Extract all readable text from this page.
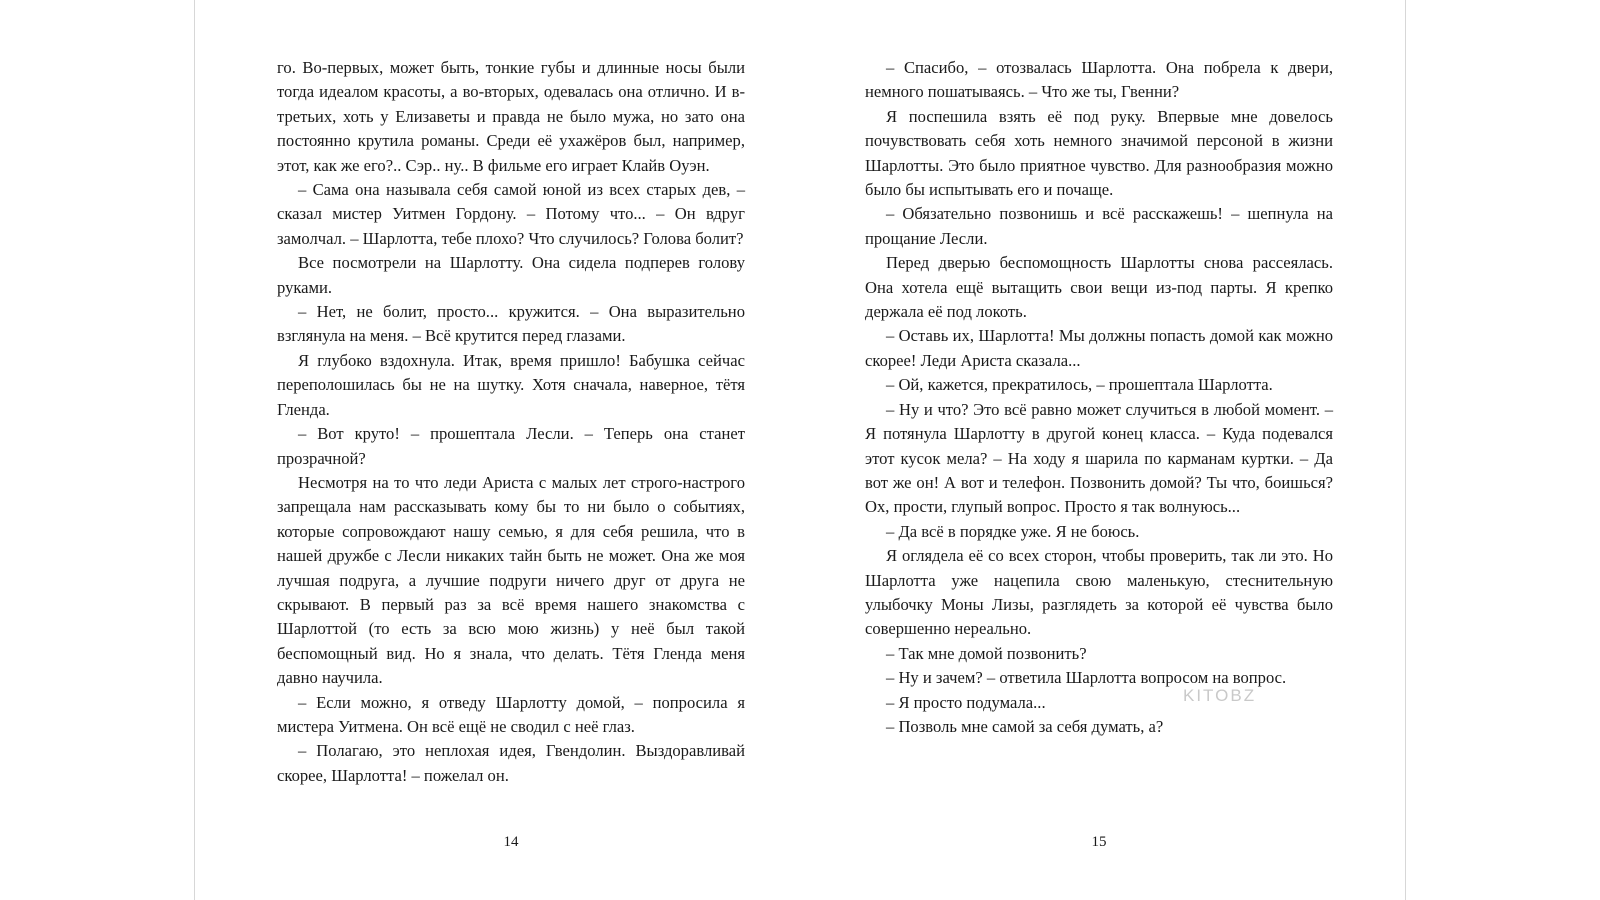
го. Во-первых, может быть, тонкие губы и длинные носы были тогда идеалом красоты, а во-вторых, одевалась она отлично. И в-третьих, хоть у Елизаветы и правда не было мужа, но зато она постоянно крутила романы. Среди её ухажёров был, например, этот, как же его?.. Сэр.. ну.. В фильме его играет Клайв Оуэн.

– Сама она называла себя самой юной из всех старых дев, – сказал мистер Уитмен Гордону. – Потому что... – Он вдруг замолчал. – Шарлотта, тебе плохо? Что случилось? Голова болит?

Все посмотрели на Шарлотту. Она сидела подперев голову руками.

– Нет, не болит, просто... кружится. – Она выразительно взглянула на меня. – Всё крутится перед глазами.

Я глубоко вздохнула. Итак, время пришло! Бабушка сейчас переполошилась бы не на шутку. Хотя сначала, наверное, тётя Гленда.

– Вот круто! – прошептала Лесли. – Теперь она станет прозрачной?

Несмотря на то что леди Ариста с малых лет строго-настрого запрещала нам рассказывать кому бы то ни было о событиях, которые сопровождают нашу семью, я для себя решила, что в нашей дружбе с Лесли никаких тайн быть не может. Она же моя лучшая подруга, а лучшие подруги ничего друг от друга не скрывают. В первый раз за всё время нашего знакомства с Шарлоттой (то есть за всю мою жизнь) у неё был такой беспомощный вид. Но я знала, что делать. Тётя Гленда меня давно научила.

– Если можно, я отведу Шарлотту домой, – попросила я мистера Уитмена. Он всё ещё не сводил с неё глаз.

– Полагаю, это неплохая идея, Гвендолин. Выздоравливай скорее, Шарлотта! – пожелал он.

14

– Спасибо, – отозвалась Шарлотта. Она побрела к двери, немного пошатываясь. – Что же ты, Гвенни?

Я поспешила взять её под руку. Впервые мне довелось почувствовать себя хоть немного значимой персоной в жизни Шарлотты. Это было приятное чувство. Для разнообразия можно было бы испытывать его и почаще.

– Обязательно позвонишь и всё расскажешь! – шепнула на прощание Лесли.

Перед дверью беспомощность Шарлотты снова рассеялась. Она хотела ещё вытащить свои вещи из-под парты. Я крепко держала её под локоть.

– Оставь их, Шарлотта! Мы должны попасть домой как можно скорее! Леди Ариста сказала...

– Ой, кажется, прекратилось, – прошептала Шарлотта.

– Ну и что? Это всё равно может случиться в любой момент. – Я потянула Шарлотту в другой конец класса. – Куда подевался этот кусок мела? – На ходу я шарила по карманам куртки. – Да вот же он! А вот и телефон. Позвонить домой? Ты что, боишься? Ох, прости, глупый вопрос. Просто я так волнуюсь...

– Да всё в порядке уже. Я не боюсь.

Я оглядела её со всех сторон, чтобы проверить, так ли это. Но Шарлотта уже нацепила свою маленькую, стеснительную улыбочку Моны Лизы, разглядеть за которой её чувства было совершенно нереально.

– Так мне домой позвонить?

– Ну и зачем? – ответила Шарлотта вопросом на вопрос.

– Я просто подумала...

– Позволь мне самой за себя думать, а?

15
KITOBZ
